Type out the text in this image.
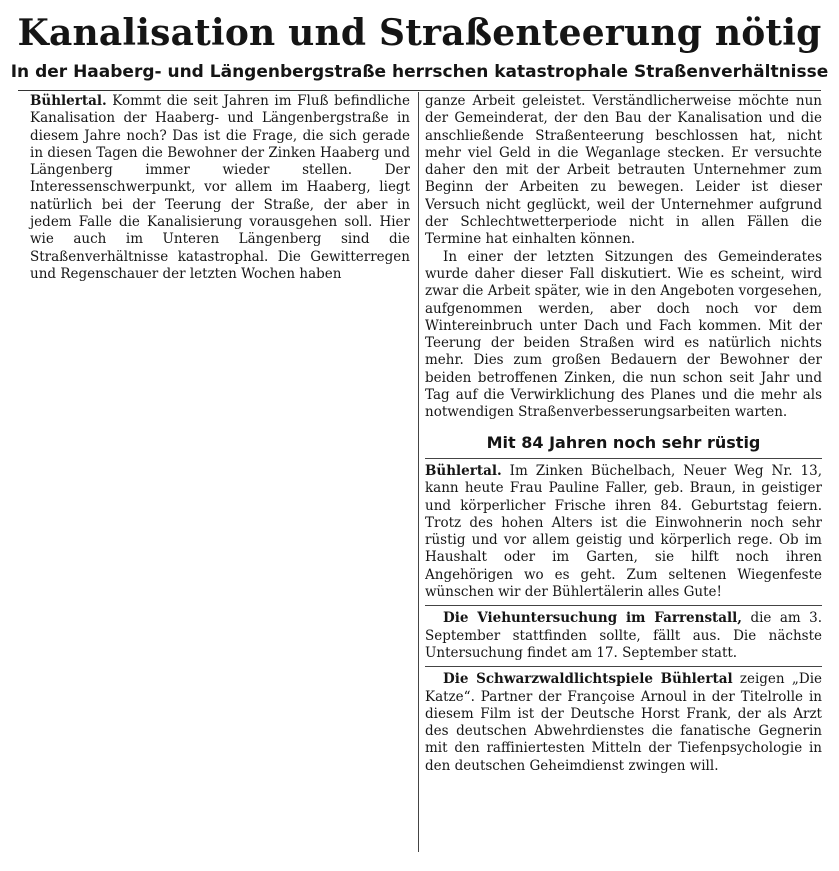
Kanalisation und Straßenteerung nötig
In der Haaberg- und Längenbergstraße herrschen katastrophale Straßenverhältnisse

Bühlertal. Kommt die seit Jahren im Fluß befindliche Kanalisation der Haaberg- und Längenbergstraße in diesem Jahre noch? Das ist die Frage, die sich gerade in diesen Tagen die Bewohner der Zinken Haaberg und Längenberg immer wieder stellen. Der Interessenschwerpunkt, vor allem im Haaberg, liegt natürlich bei der Teerung der Straße, der aber in jedem Falle die Kanalisierung vorausgehen soll. Hier wie auch im Unteren Längenberg sind die Straßenverhältnisse katastrophal. Die Gewitterregen und Regenschauer der letzten Wochen haben

ganze Arbeit geleistet. Verständlicherweise möchte nun der Gemeinderat, der den Bau der Kanalisation und die anschließende Straßenteerung beschlossen hat, nicht mehr viel Geld in die Weganlage stecken. Er versuchte daher den mit der Arbeit betrauten Unternehmer zum Beginn der Arbeiten zu bewegen. Leider ist dieser Versuch nicht geglückt, weil der Unternehmer aufgrund der Schlechtwetterperiode nicht in allen Fällen die Termine hat einhalten können.

In einer der letzten Sitzungen des Gemeinderates wurde daher dieser Fall diskutiert. Wie es scheint, wird zwar die Arbeit später, wie in den Angeboten vorgesehen, aufgenommen werden, aber doch noch vor dem Wintereinbruch unter Dach und Fach kommen. Mit der Teerung der beiden Straßen wird es natürlich nichts mehr. Dies zum großen Bedauern der Bewohner der beiden betroffenen Zinken, die nun schon seit Jahr und Tag auf die Verwirklichung des Planes und die mehr als notwendigen Straßenverbesserungsarbeiten warten.

Mit 84 Jahren noch sehr rüstig

Bühlertal. Im Zinken Büchelbach, Neuer Weg Nr. 13, kann heute Frau Pauline Faller, geb. Braun, in geistiger und körperlicher Frische ihren 84. Geburtstag feiern. Trotz des hohen Alters ist die Einwohnerin noch sehr rüstig und vor allem geistig und körperlich rege. Ob im Haushalt oder im Garten, sie hilft noch ihren Angehörigen wo es geht. Zum seltenen Wiegenfeste wünschen wir der Bühlertälerin alles Gute!

Die Viehuntersuchung im Farrenstall, die am 3. September stattfinden sollte, fällt aus. Die nächste Untersuchung findet am 17. September statt.

Die Schwarzwaldlichtspiele Bühlertal zeigen „Die Katze“. Partner der Françoise Arnoul in der Titelrolle in diesem Film ist der Deutsche Horst Frank, der als Arzt des deutschen Abwehrdienstes die fanatische Gegnerin mit den raffiniertesten Mitteln der Tiefenpsychologie in den deutschen Geheimdienst zwingen will.
